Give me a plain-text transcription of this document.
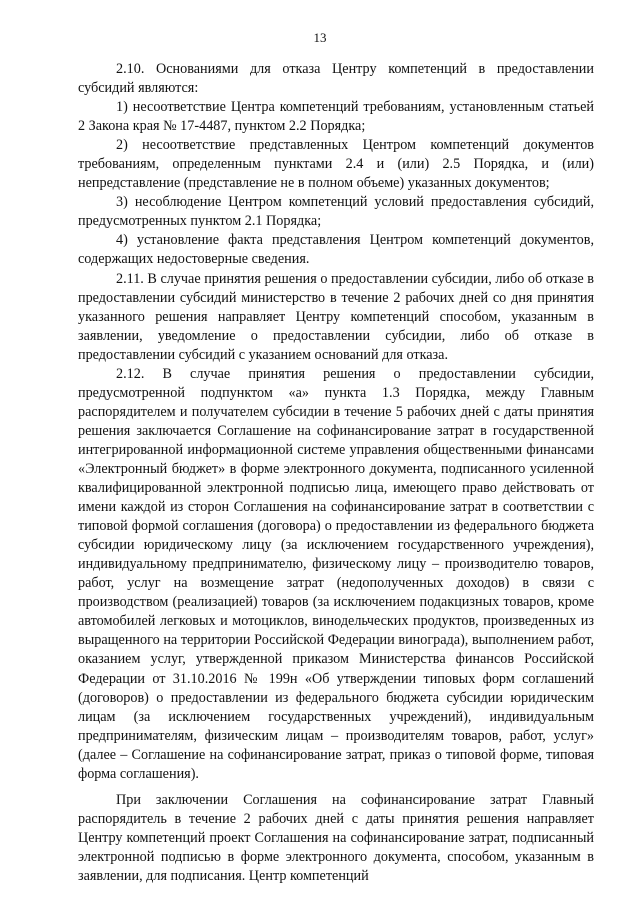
13

2.10. Основаниями для отказа Центру компетенций в предоставлении субсидий являются:

1) несоответствие Центра компетенций требованиям, установленным статьей 2 Закона края № 17-4487, пунктом 2.2 Порядка;

2) несоответствие представленных Центром компетенций документов требованиям, определенным пунктами 2.4 и (или) 2.5 Порядка, и (или) непредставление (представление не в полном объеме) указанных документов;

3) несоблюдение Центром компетенций условий предоставления субсидий, предусмотренных пунктом 2.1 Порядка;

4) установление факта представления Центром компетенций документов, содержащих недостоверные сведения.

2.11. В случае принятия решения о предоставлении субсидии, либо об отказе в предоставлении субсидий министерство в течение 2 рабочих дней со дня принятия указанного решения направляет Центру компетенций способом, указанным в заявлении, уведомление о предоставлении субсидии, либо об отказе в предоставлении субсидий с указанием оснований для отказа.

2.12. В случае принятия решения о предоставлении субсидии, предусмотренной подпунктом «а» пункта 1.3 Порядка, между Главным распорядителем и получателем субсидии в течение 5 рабочих дней с даты принятия решения заключается Соглашение на софинансирование затрат в государственной интегрированной информационной системе управления общественными финансами «Электронный бюджет» в форме электронного документа, подписанного усиленной квалифицированной электронной подписью лица, имеющего право действовать от имени каждой из сторон Соглашения на софинансирование затрат в соответствии с типовой формой соглашения (договора) о предоставлении из федерального бюджета субсидии юридическому лицу (за исключением государственного учреждения), индивидуальному предпринимателю, физическому лицу – производителю товаров, работ, услуг на возмещение затрат (недополученных доходов) в связи с производством (реализацией) товаров (за исключением подакцизных товаров, кроме автомобилей легковых и мотоциклов, винодельческих продуктов, произведенных из выращенного на территории Российской Федерации винограда), выполнением работ, оказанием услуг, утвержденной приказом Министерства финансов Российской Федерации от 31.10.2016 № 199н «Об утверждении типовых форм соглашений (договоров) о предоставлении из федерального бюджета субсидии юридическим лицам (за исключением государственных учреждений), индивидуальным предпринимателям, физическим лицам – производителям товаров, работ, услуг» (далее – Соглашение на софинансирование затрат, приказ о типовой форме, типовая форма соглашения).

При заключении Соглашения на софинансирование затрат Главный распорядитель в течение 2 рабочих дней с даты принятия решения направляет Центру компетенций проект Соглашения на софинансирование затрат, подписанный электронной подписью в форме электронного документа, способом, указанным в заявлении, для подписания. Центр компетенций
